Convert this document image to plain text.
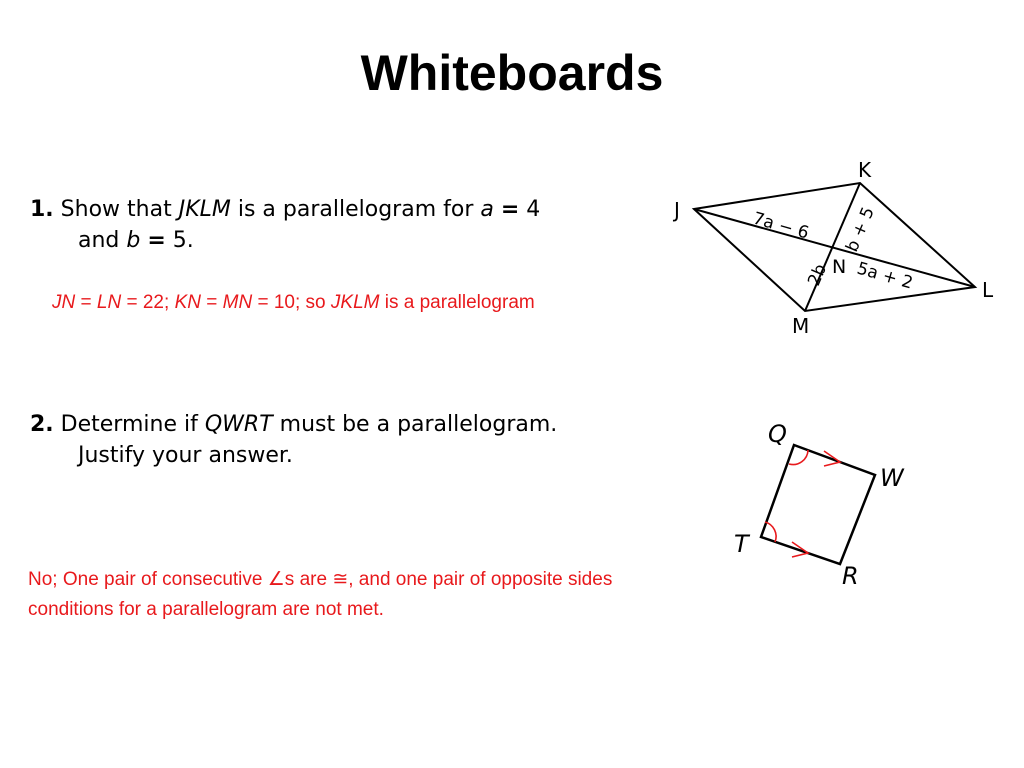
Whiteboards
1. Show that JKLM is a parallelogram for a = 4
and b = 5.
JN = LN = 22; KN = MN = 10; so JKLM is a parallelogram
J
K
L
M
N
7a − 6 b + 5
5a + 2
2b
2. Determine if QWRT must be a parallelogram.
Justify your answer.
No; One pair of consecutive ∠s are ≅, and one pair of opposite sides
conditions for a parallelogram are not met.
Q
W
R
T
